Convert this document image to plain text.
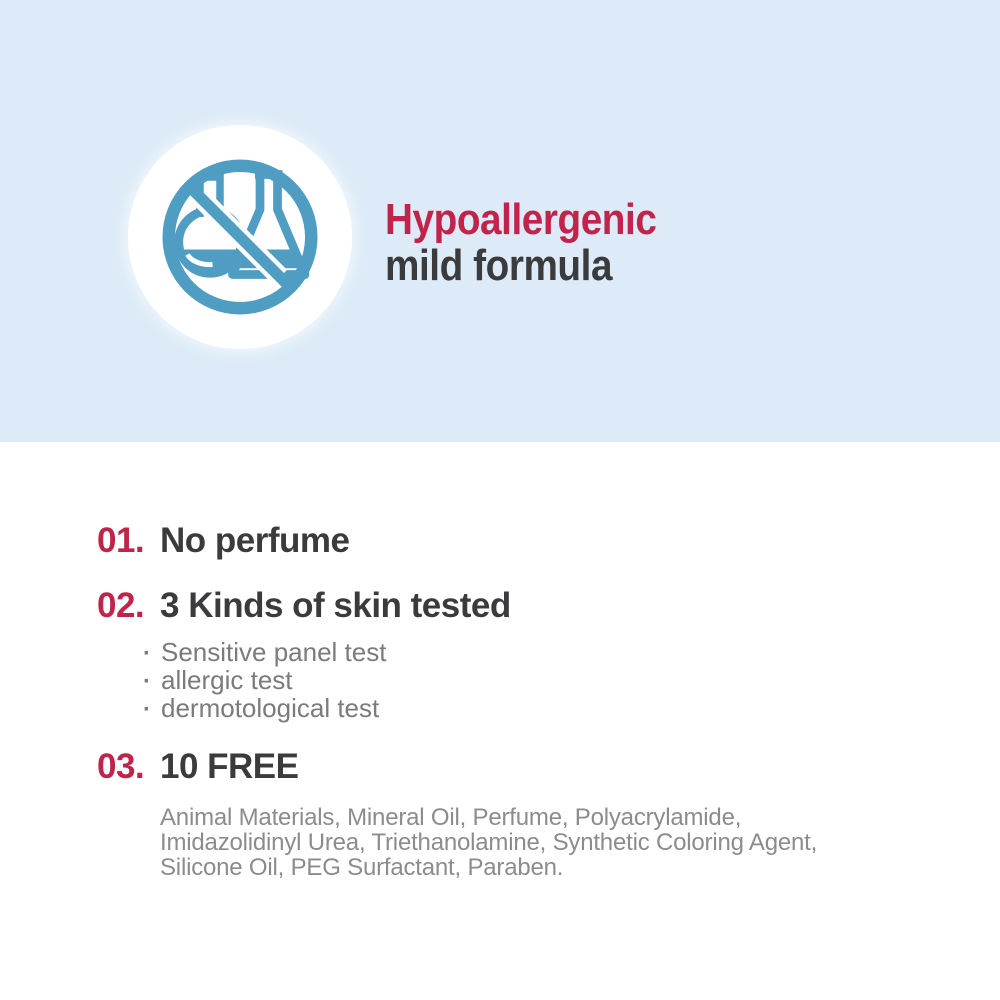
Hypoallergenic
mild formula
01. No perfume
02. 3 Kinds of skin tested
· Sensitive panel test
· allergic test
· dermotological test
03. 10 FREE
Animal Materials, Mineral Oil, Perfume, Polyacrylamide,
Imidazolidinyl Urea, Triethanolamine, Synthetic Coloring Agent,
Silicone Oil, PEG Surfactant, Paraben.
